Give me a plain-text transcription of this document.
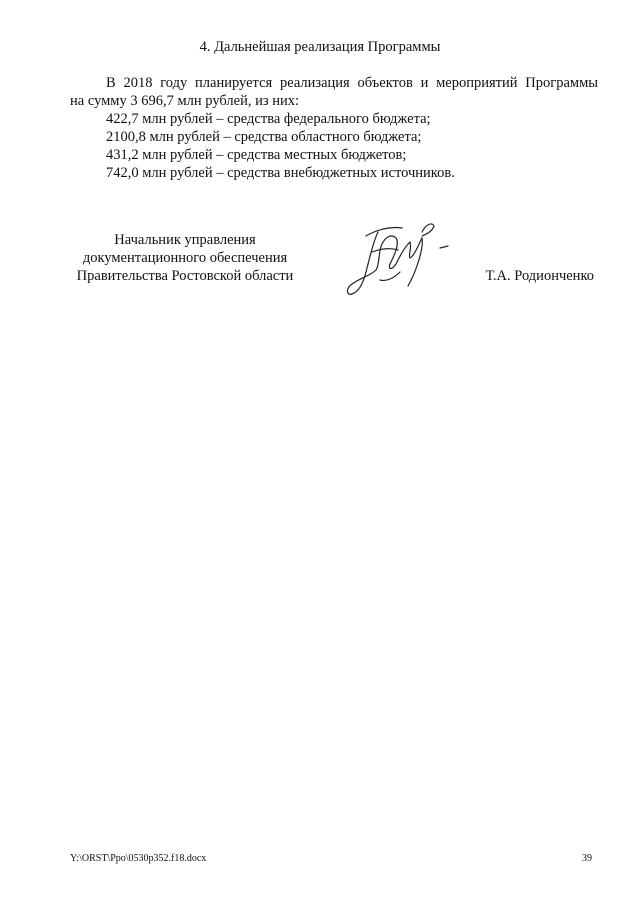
4. Дальнейшая реализация Программы
В 2018 году планируется реализация объектов и мероприятий Программы
на сумму 3 696,7 млн рублей, из них:
422,7 млн рублей – средства федерального бюджета;
2100,8 млн рублей – средства областного бюджета;
431,2 млн рублей – средства местных бюджетов;
742,0 млн рублей – средства внебюджетных источников.
Начальник управления
документационного обеспечения
Правительства Ростовской области	Т.А. Родионченко
Y:\ORST\Ppo\0530p352.f18.docx	39
